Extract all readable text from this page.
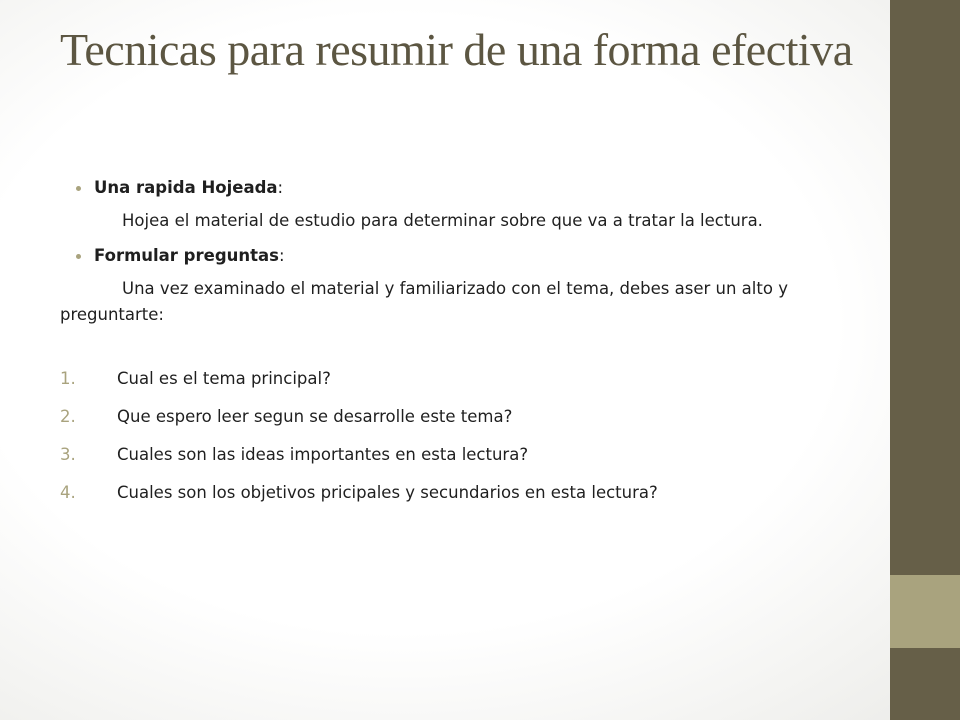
Tecnicas para resumir de una forma efectiva
Una rapida Hojeada:
Hojea el material de estudio para determinar sobre que va a tratar la lectura.
Formular preguntas:
Una vez examinado el material y familiarizado con el tema, debes aser un alto y preguntarte:
1.	Cual es el tema principal?
2.	Que espero leer segun se desarrolle este tema?
3.	Cuales son las ideas importantes en esta lectura?
4.	Cuales son los objetivos pricipales y secundarios en esta lectura?
